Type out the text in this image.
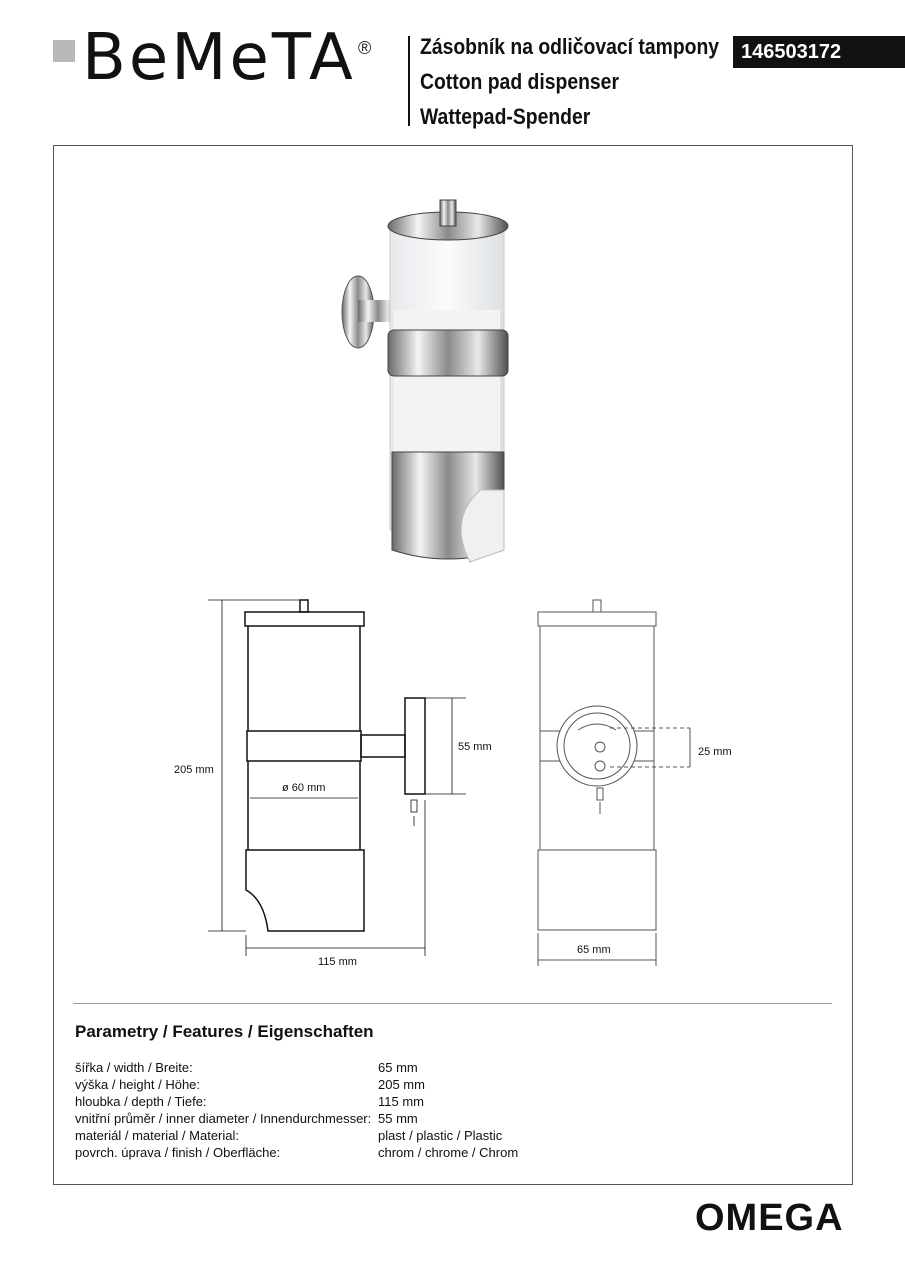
BeMeTA ® Zásobník na odličovací tampony
Cotton pad dispenser
Wattepad-Spender
146503172
205 mm
115 mm
ø 60 mm
55 mm
65 mm
25 mm
Parametry / Features / Eigenschaften
šířka / width / Breite:	65 mm
výška / height / Höhe:	205 mm
hloubka / depth / Tiefe:	115 mm
vnitřní průměr / inner diameter / Innendurchmesser: 55 mm
materiál / material / Material:	plast / plastic / Plastic
povrch. úprava / finish / Oberfläche:	chrom / chrome / Chrom
OMEGA
